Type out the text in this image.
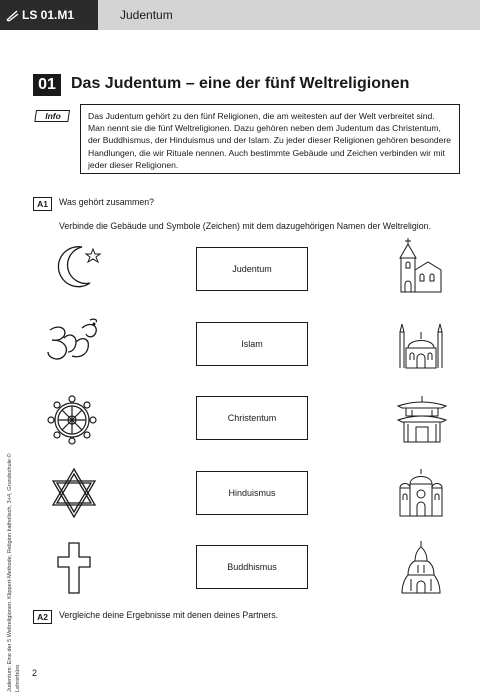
LS 01.M1	Judentum
01 Das Judentum – eine der fünf Weltreligionen
Info	Das Judentum gehört zu den fünf Religionen, die am weitesten auf der Welt verbreitet sind. Man nennt sie die fünf Weltreligionen. Dazu gehören neben dem Judentum das Christentum, der Buddhismus, der Hinduismus und der Islam. Zu jeder dieser Religionen gehören besondere Handlungen, die wir Rituale nennen. Auch bestimmte Gebäude und Zeichen verbinden wir mit jeder dieser Religionen.
A1	Was gehört zusammen?
Verbinde die Gebäude und Symbole (Zeichen) mit dem dazugehörigen Namen der Weltreligion.
Judentum
Islam
Christentum
Hinduismus
Buddhismus
A2	Vergleiche deine Ergebnisse mit denen deines Partners.
Judentum: Eine der 5 Weltreligionen. Klippert-Methode, Religion katholisch, 3+4, Grundschule © Lehrerbüro	2
